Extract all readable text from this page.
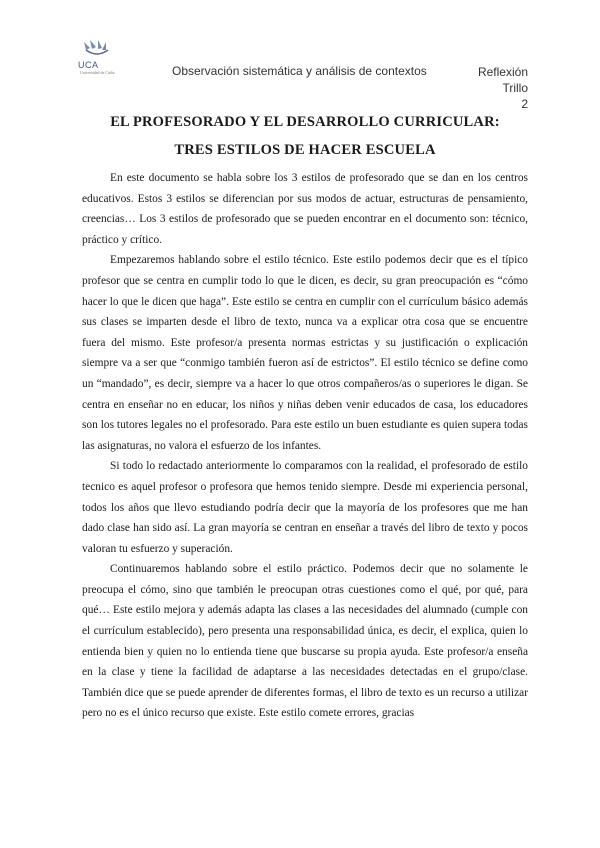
UCA
Universidad de Cádiz	Observación sistemática y análisis de contextos	Reflexión
Trillo
2
EL PROFESORADO Y EL DESARROLLO CURRICULAR:
TRES ESTILOS DE HACER ESCUELA

En este documento se habla sobre los 3 estilos de profesorado que se dan en los centros educativos. Estos 3 estilos se diferencian por sus modos de actuar, estructuras de pensamiento, creencias… Los 3 estilos de profesorado que se pueden encontrar en el documento son: técnico, práctico y crítico.

Empezaremos hablando sobre el estilo técnico. Este estilo podemos decir que es el típico profesor que se centra en cumplir todo lo que le dicen, es decir, su gran preocupación es “cómo hacer lo que le dicen que haga”. Este estilo se centra en cumplir con el currículum básico además sus clases se imparten desde el libro de texto, nunca va a explicar otra cosa que se encuentre fuera del mismo. Este profesor/a presenta normas estrictas y su justificación o explicación siempre va a ser que “conmigo también fueron así de estrictos”. El estilo técnico se define como un “mandado”, es decir, siempre va a hacer lo que otros compañeros/as o superiores le digan. Se centra en enseñar no en educar, los niños y niñas deben venir educados de casa, los educadores son los tutores legales no el profesorado. Para este estilo un buen estudiante es quien supera todas las asignaturas, no valora el esfuerzo de los infantes.

Si todo lo redactado anteriormente lo comparamos con la realidad, el profesorado de estilo tecnico es aquel profesor o profesora que hemos tenido siempre. Desde mi experiencia personal, todos los años que llevo estudiando podría decir que la mayoría de los profesores que me han dado clase han sido así. La gran mayoría se centran en enseñar a través del libro de texto y pocos valoran tu esfuerzo y superación.

Continuaremos hablando sobre el estilo práctico. Podemos decir que no solamente le preocupa el cómo, sino que también le preocupan otras cuestiones como el qué, por qué, para qué… Este estilo mejora y además adapta las clases a las necesidades del alumnado (cumple con el currículum establecido), pero presenta una responsabilidad única, es decir, el explica, quien lo entienda bien y quien no lo entienda tiene que buscarse su propia ayuda. Este profesor/a enseña en la clase y tiene la facilidad de adaptarse a las necesidades detectadas en el grupo/clase. También dice que se puede aprender de diferentes formas, el libro de texto es un recurso a utilizar pero no es el único recurso que existe. Este estilo comete errores, gracias
